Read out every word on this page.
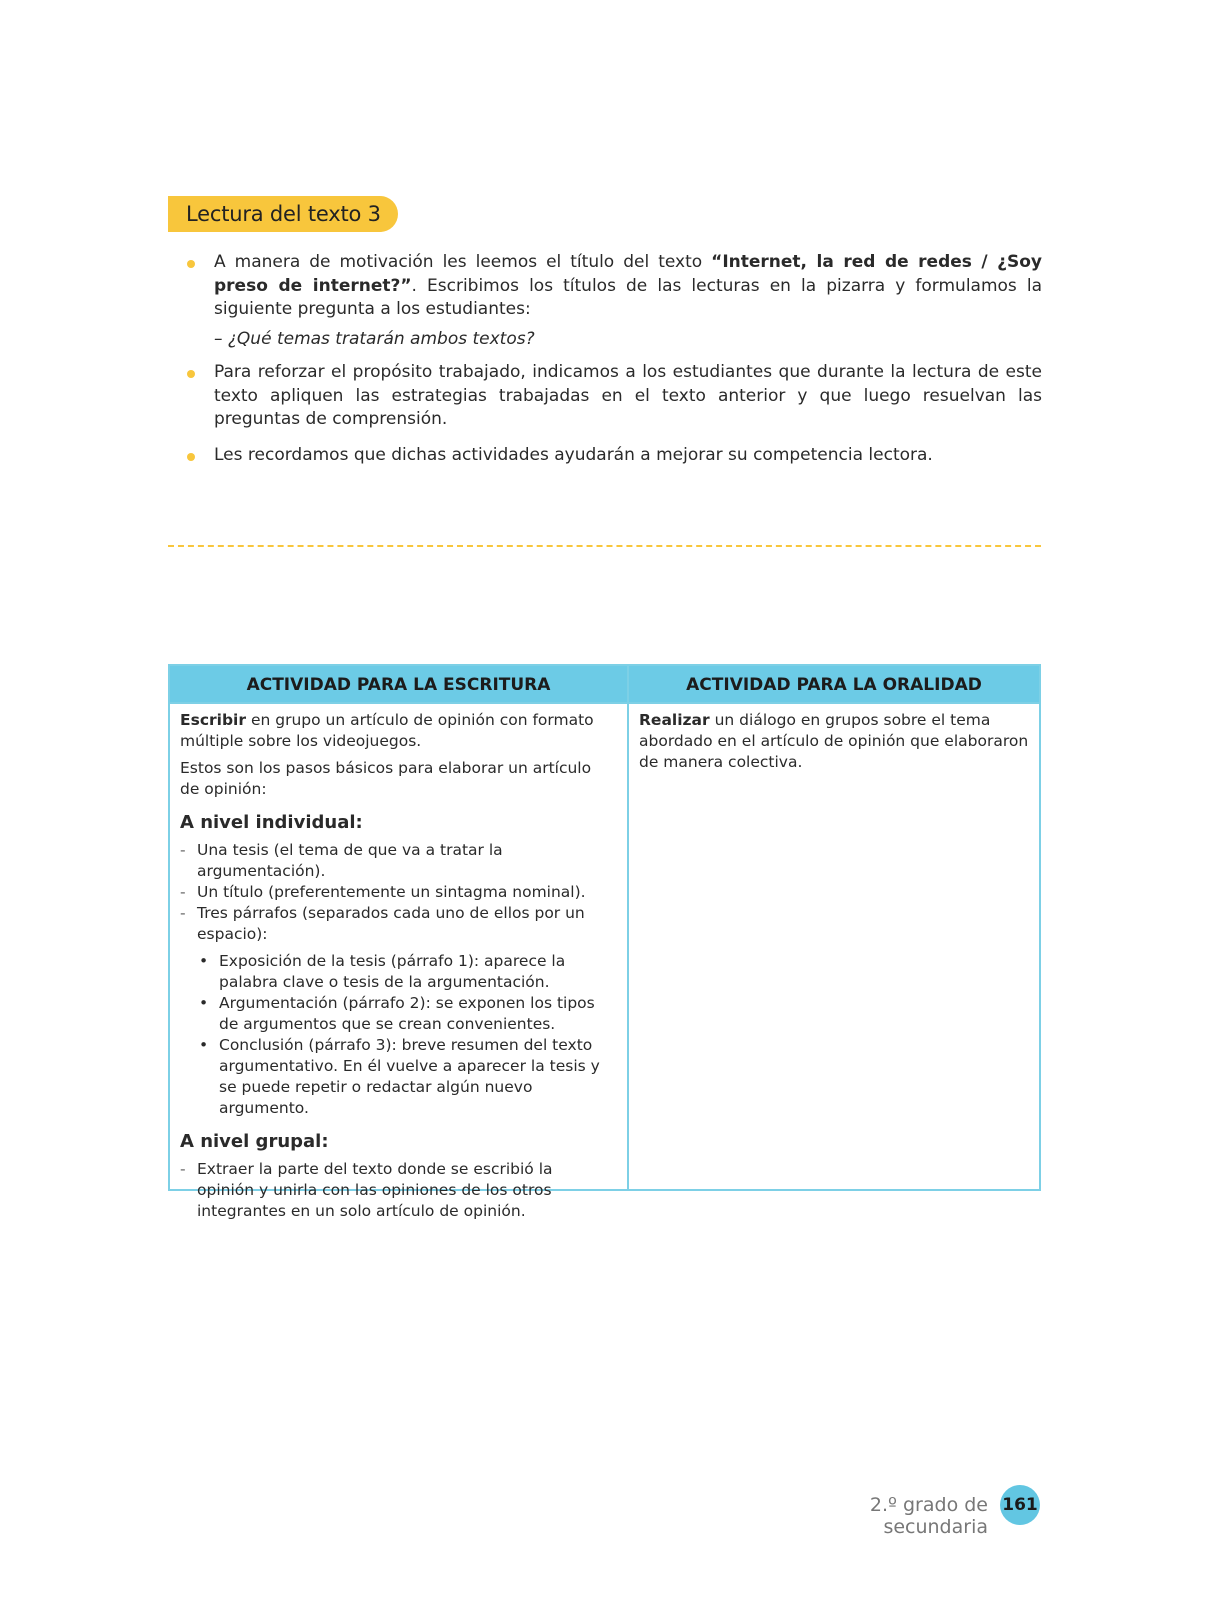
Lectura del texto 3
A manera de motivación les leemos el título del texto “Internet, la red de redes / ¿Soy preso de internet?”. Escribimos los títulos de las lecturas en la pizarra y formulamos la siguiente pregunta a los estudiantes:
– ¿Qué temas tratarán ambos textos?
Para reforzar el propósito trabajado, indicamos a los estudiantes que durante la lectura de este texto apliquen las estrategias trabajadas en el texto anterior y que luego resuelvan las preguntas de comprensión.
Les recordamos que dichas actividades ayudarán a mejorar su competencia lectora.
ACTIVIDAD PARA LA ESCRITURA	ACTIVIDAD PARA LA ORALIDAD

Escribir en grupo un artículo de opinión con formato múltiple sobre los videojuegos.

Estos son los pasos básicos para elaborar un artículo de opinión:

A nivel individual:
- Una tesis (el tema de que va a tratar la argumentación).
- Un título (preferentemente un sintagma nominal).
- Tres párrafos (separados cada uno de ellos por un espacio):
• Exposición de la tesis (párrafo 1): aparece la palabra clave o tesis de la argumentación.
• Argumentación (párrafo 2): se exponen los tipos de argumentos que se crean convenientes.
• Conclusión (párrafo 3): breve resumen del texto argumentativo. En él vuelve a aparecer la tesis y se puede repetir o redactar algún nuevo argumento.
A nivel grupal:
- Extraer la parte del texto donde se escribió la opinión y unirla con las opiniones de los otros integrantes en un solo artículo de opinión.

Realizar un diálogo en grupos sobre el tema abordado en el artículo de opinión que elaboraron de manera colectiva.

2.º grado de secundaria
161
